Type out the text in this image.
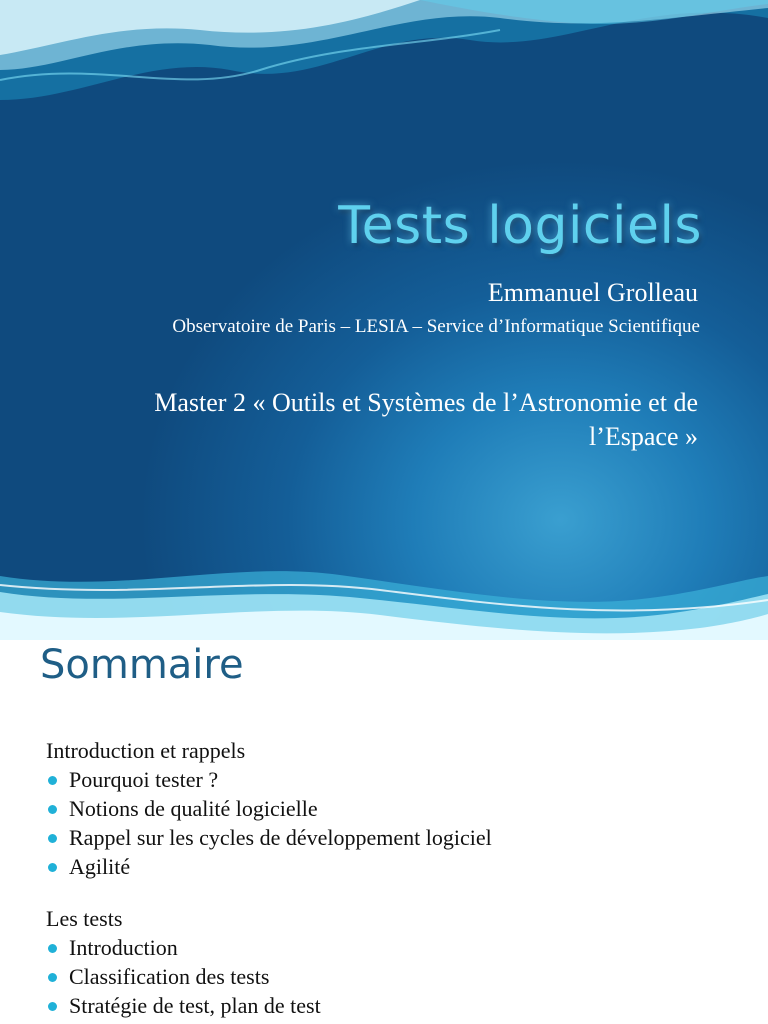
Tests logiciels
Emmanuel Grolleau
Observatoire de Paris – LESIA – Service d’Informatique Scientifique
Master 2 « Outils et Systèmes de l’Astronomie et de
l’Espace »
Sommaire
Introduction et rappels
Pourquoi tester ?
Notions de qualité logicielle
Rappel sur les cycles de développement logiciel
Agilité
Les tests
Introduction
Classification des tests
Stratégie de test, plan de test
